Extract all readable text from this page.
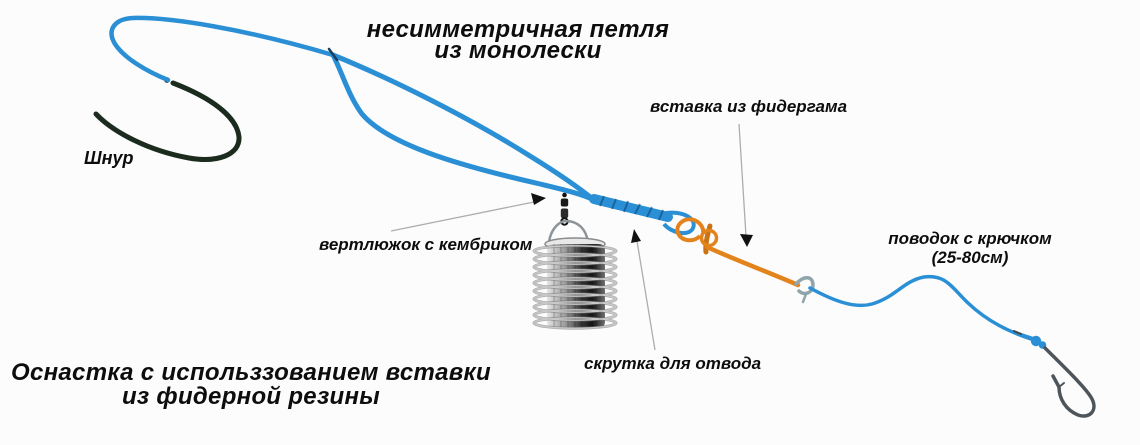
несимметричная петля
из монолески
Шнур
вертлюжок с кембриком
вставка из фидергама
поводок с крючком
(25-80см)
скрутка для отвода
Оснастка с использзованием вставки
из фидерной резины
